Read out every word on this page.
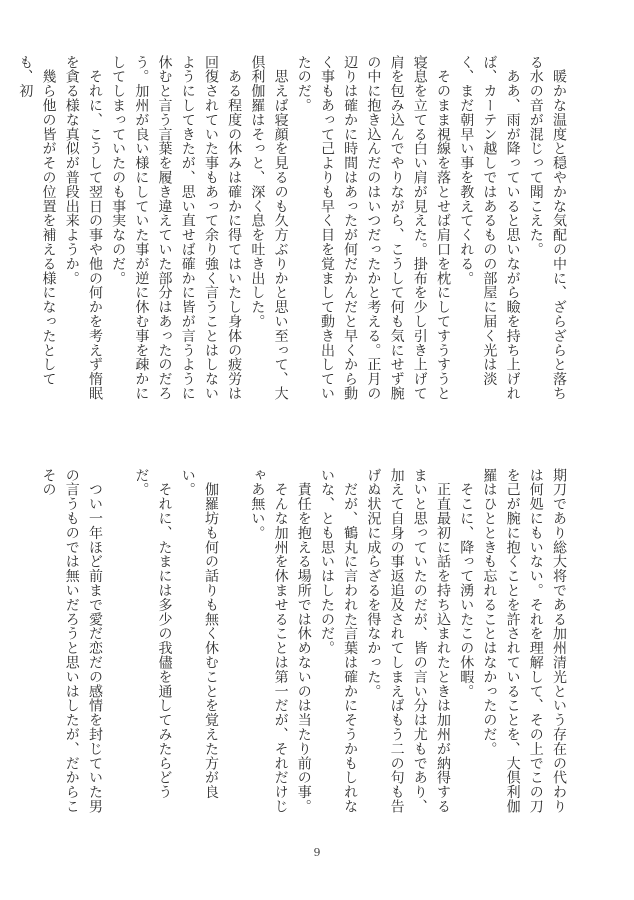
　暖かな温度と穏やかな気配の中に、ざらざらと落ちる水の音が混じって聞こえた。
　ああ、雨が降っていると思いながら瞼を持ち上げれば、カーテン越しではあるものの部屋に届く光は淡く、まだ朝早い事を教えてくれる。
　そのまま視線を落とせば肩口を枕にしてすうすうと寝息を立てる白い肩が見えた。掛布を少し引き上げて肩を包み込んでやりながら、こうして何も気にせず腕の中に抱き込んだのはいつだったかと考える。正月の辺りは確かに時間はあったが何だかんだと早くから動く事もあって己よりも早く目を覚まして動き出していたのだ。
　思えば寝顔を見るのも久方ぶりかと思い至って、大倶利伽羅はそっと、深く息を吐き出した。
　ある程度の休みは確かに得てはいたし身体の疲労は回復されていた事もあって余り強く言うことはしないようにしてきたが、思い直せば確かに皆が言うように休むと言う言葉を履き違えていた部分はあったのだろう。加州が良い様にしていた事が逆に休む事を疎かにしてしまっていたのも事実なのだ。
　それに、こうして翌日の事や他の何かを考えず惰眠を貪る様な真似が普段出来ようか。
　幾ら他の皆がその位置を補える様になったとしても、初
期刀であり総大将である加州清光という存在の代わりは何処にもいない。それを理解して、その上でこの刀を己が腕に抱くことを許されていることを、大倶利伽羅はひとときも忘れることはなかったのだ。
　そこに、降って湧いたこの休暇。
　正直最初に話を持ち込まれたときは加州が納得するまいと思っていたのだが、皆の言い分は尤もであり、加えて自身の事返追及されてしまえばもう二の句も告げぬ状況に成らざるを得なかった。
　だが、鶴丸に言われた言葉は確かにそうかもしれないな、とも思いはしたのだ。
　責任を抱える場所では休めないのは当たり前の事。
　そんな加州を休ませることは第一だが、それだけじゃあ無い。

　伽羅坊も何の話りも無く休むことを覚えた方が良い。
　それに、たまには多少の我儘を通してみたらどうだ。

　つい一年ほど前まで愛だ恋だの感情を封じていた男の言うものでは無いだろうと思いはしたが、だからこその
9
